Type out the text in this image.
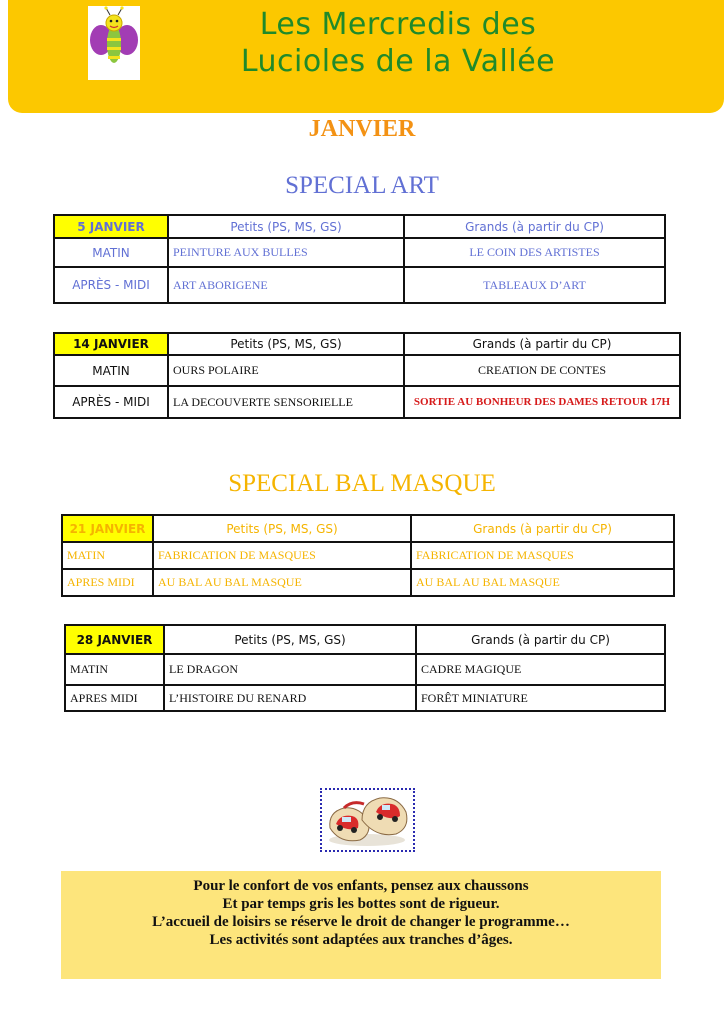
Les Mercredis des
Lucioles de la Vallée
JANVIER
SPECIAL ART
5 JANVIER	Petits (PS, MS, GS)	Grands (à partir du CP)
MATIN	PEINTURE AUX BULLES	LE COIN DES ARTISTES
APRÈS - MIDI	ART ABORIGENE	TABLEAUX D’ART
14 JANVIER	Petits (PS, MS, GS)	Grands (à partir du CP)
MATIN	OURS POLAIRE	CREATION DE CONTES
APRÈS - MIDI	LA DECOUVERTE SENSORIELLE	SORTIE AU BONHEUR DES DAMES RETOUR 17H
SPECIAL BAL MASQUE
21 JANVIER	Petits (PS, MS, GS)	Grands (à partir du CP)
MATIN	FABRICATION DE MASQUES	FABRICATION DE MASQUES
APRES MIDI	AU BAL AU BAL MASQUE	AU BAL AU BAL MASQUE
28 JANVIER	Petits (PS, MS, GS)	Grands (à partir du CP)
MATIN	LE DRAGON	CADRE MAGIQUE
APRES MIDI	L’HISTOIRE DU RENARD	FORÊT MINIATURE
Pour le confort de vos enfants, pensez aux chaussons
Et par temps gris les bottes sont de rigueur.
L’accueil de loisirs se réserve le droit de changer le programme…
Les activités sont adaptées aux tranches d’âges.
